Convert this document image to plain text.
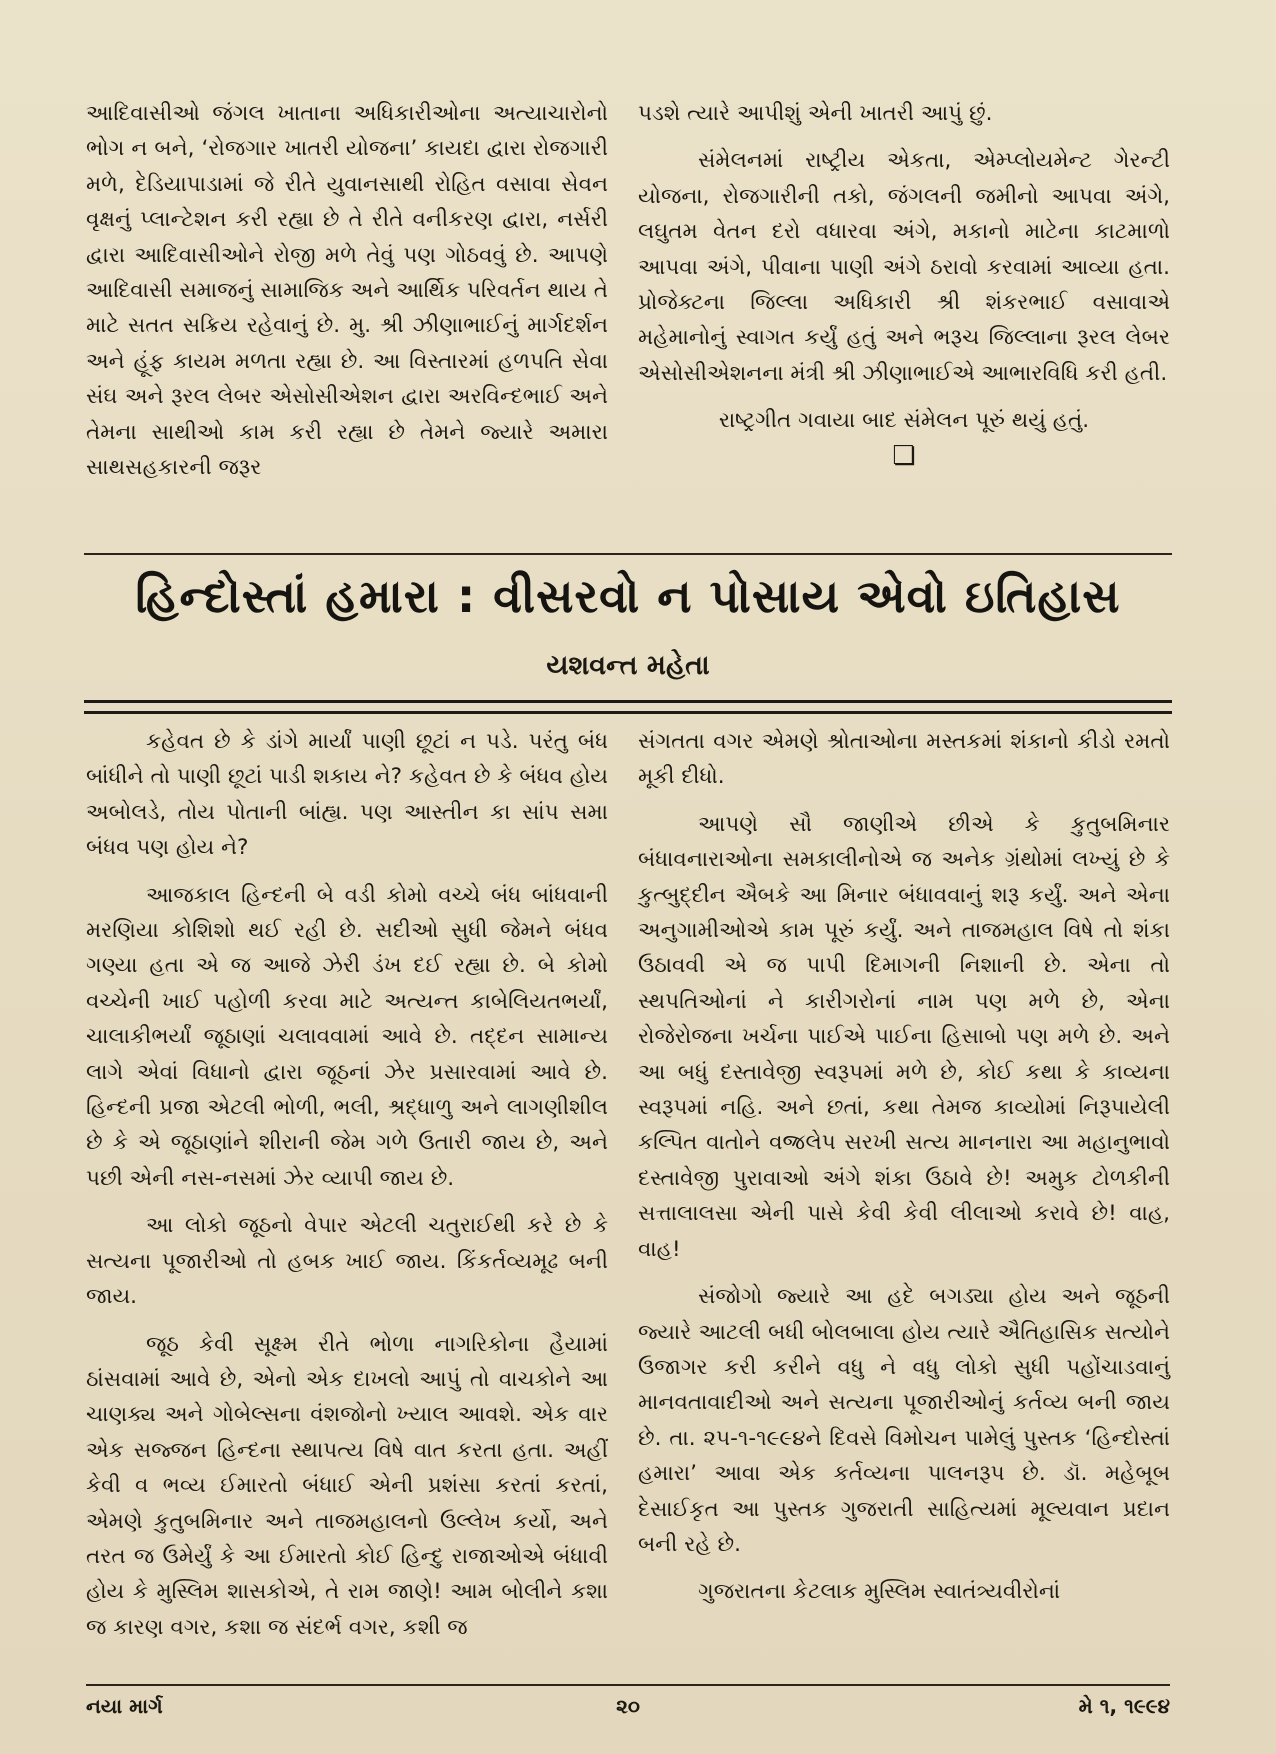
આદિવાસીઓ જંગલ ખાતાના અધિકારીઓના અત્યાચારોનો ભોગ ન બને, ‘રોજગાર ખાતરી યોજના’ કાયદા દ્વારા રોજગારી મળે, દેડિયાપાડામાં જે રીતે યુવાનસાથી રોહિત વસાવા સેવન વૃક્ષનું પ્લાન્ટેશન કરી રહ્યા છે તે રીતે વનીકરણ દ્વારા, નર્સરી દ્વારા આદિવાસીઓને રોજી મળે તેવું પણ ગોઠવવું છે. આપણે આદિવાસી સમાજનું સામાજિક અને આર્થિક પરિવર્તન થાય તે માટે સતત સક્રિય રહેવાનું છે. મુ. શ્રી ઝીણાભાઈનું માર્ગદર્શન અને હૂંફ કાયમ મળતા રહ્યા છે. આ વિસ્તારમાં હળપતિ સેવા સંઘ અને રૂરલ લેબર એસોસીએશન દ્વારા અરવિન્દભાઈ અને તેમના સાથીઓ કામ કરી રહ્યા છે તેમને જ્યારે અમારા સાથસહકારની જરૂર

પડશે ત્યારે આપીશું એની ખાતરી આપું છું.

સંમેલનમાં રાષ્ટ્રીય એકતા, એમ્પ્લોયમેન્ટ ગેરન્ટી યોજના, રોજગારીની તકો, જંગલની જમીનો આપવા અંગે, લઘુતમ વેતન દરો વધારવા અંગે, મકાનો માટેના કાટમાળો આપવા અંગે, પીવાના પાણી અંગે ઠરાવો કરવામાં આવ્યા હતા. પ્રોજેક્ટના જિલ્લા અધિકારી શ્રી શંકરભાઈ વસાવાએ મહેમાનોનું સ્વાગત કર્યું હતું અને ભરૂચ જિલ્લાના રૂરલ લેબર એસોસીએશનના મંત્રી શ્રી ઝીણાભાઈએ આભારવિધિ કરી હતી.

રાષ્ટ્રગીત ગવાયા બાદ સંમેલન પૂરું થયું હતું.

❏

હિન્દોસ્તાં હમારા : વીસરવો ન પોસાય એવો ઇતિહાસ
યશવન્ત મહેતા

કહેવત છે કે ડાંગે માર્યાં પાણી છૂટાં ન પડે. પરંતુ બંધ બાંધીને તો પાણી છૂટાં પાડી શકાય ને? કહેવત છે કે બંધવ હોય અબોલડે, તોય પોતાની બાંહ્ય. પણ આસ્તીન કા સાંપ સમા બંધવ પણ હોય ને?

આજકાલ હિન્દની બે વડી કોમો વચ્ચે બંધ બાંધવાની મરણિયા કોશિશો થઈ રહી છે. સદીઓ સુધી જેમને બંધવ ગણ્યા હતા એ જ આજે ઝેરી ડંખ દઈ રહ્યા છે. બે કોમો વચ્ચેની ખાઈ પહોળી કરવા માટે અત્યન્ત કાબેલિયતભર્યાં, ચાલાકીભર્યાં જૂઠાણાં ચલાવવામાં આવે છે. તદ્દન સામાન્ય લાગે એવાં વિધાનો દ્વારા જૂઠનાં ઝેર પ્રસારવામાં આવે છે. હિન્દની પ્રજા એટલી ભોળી, ભલી, શ્રદ્ધાળુ અને લાગણીશીલ છે કે એ જૂઠાણાંને શીરાની જેમ ગળે ઉતારી જાય છે, અને પછી એની નસ-નસમાં ઝેર વ્યાપી જાય છે.

આ લોકો જૂઠનો વેપાર એટલી ચતુરાઈથી કરે છે કે સત્યના પૂજારીઓ તો હબક ખાઈ જાય. કિંકર્તવ્યમૂઢ બની જાય.

જૂઠ કેવી સૂક્ષ્મ રીતે ભોળા નાગરિકોના હૈયામાં ઠાંસવામાં આવે છે, એનો એક દાખલો આપું તો વાચકોને આ ચાણક્ય અને ગોબેલ્સના વંશજોનો ખ્યાલ આવશે. એક વાર એક સજ્જન હિન્દના સ્થાપત્ય વિષે વાત કરતા હતા. અહીં કેવી વ ભવ્ય ઈમારતો બંધાઈ એની પ્રશંસા કરતાં કરતાં, એમણે કુતુબમિનાર અને તાજમહાલનો ઉલ્લેખ કર્યો, અને તરત જ ઉમેર્યું કે આ ઈમારતો કોઈ હિન્દુ રાજાઓએ બંધાવી હોય કે મુસ્લિમ શાસકોએ, તે રામ જાણે! આમ બોલીને કશા જ કારણ વગર, કશા જ સંદર્ભ વગર, કશી જ

સંગતતા વગર એમણે શ્રોતાઓના મસ્તકમાં શંકાનો કીડો રમતો મૂકી દીધો.

આપણે સૌ જાણીએ છીએ કે કુતુબમિનાર બંધાવનારાઓના સમકાલીનોએ જ અનેક ગ્રંથોમાં લખ્યું છે કે કુત્બુદ્દીન ઐબકે આ મિનાર બંધાવવાનું શરૂ કર્યું. અને એના અનુગામીઓએ કામ પૂરું કર્યું. અને તાજમહાલ વિષે તો શંકા ઉઠાવવી એ જ પાપી દિમાગની નિશાની છે. એના તો સ્થપતિઓનાં ને કારીગરોનાં નામ પણ મળે છે, એના રોજેરોજના ખર્ચના પાઈએ પાઈના હિસાબો પણ મળે છે. અને આ બધું દસ્તાવેજી સ્વરૂપમાં મળે છે, કોઈ કથા કે કાવ્યના સ્વરૂપમાં નહિ. અને છતાં, કથા તેમજ કાવ્યોમાં નિરૂપાયેલી કલ્પિત વાતોને વજ્રલેપ સરખી સત્ય માનનારા આ મહાનુભાવો દસ્તાવેજી પુરાવાઓ અંગે શંકા ઉઠાવે છે! અમુક ટોળકીની સત્તાલાલસા એની પાસે કેવી કેવી લીલાઓ કરાવે છે! વાહ, વાહ!

સંજોગો જ્યારે આ હદે બગડ્યા હોય અને જૂઠની જ્યારે આટલી બધી બોલબાલા હોય ત્યારે ઐતિહાસિક સત્યોને ઉજાગર કરી કરીને વધુ ને વધુ લોકો સુધી પહોંચાડવાનું માનવતાવાદીઓ અને સત્યના પૂજારીઓનું કર્તવ્ય બની જાય છે. તા. ૨૫-૧-૧૯૯૪ને દિવસે વિમોચન પામેલું પુસ્તક ‘હિન્દોસ્તાં હમારા’ આવા એક કર્તવ્યના પાલનરૂપ છે. ડૉ. મહેબૂબ દેસાઈકૃત આ પુસ્તક ગુજરાતી સાહિત્યમાં મૂલ્યવાન પ્રદાન બની રહે છે.

ગુજરાતના કેટલાક મુસ્લિમ સ્વાતંત્ર્યવીરોનાં

નયા માર્ગ	૨૦	મે ૧, ૧૯૯૪
